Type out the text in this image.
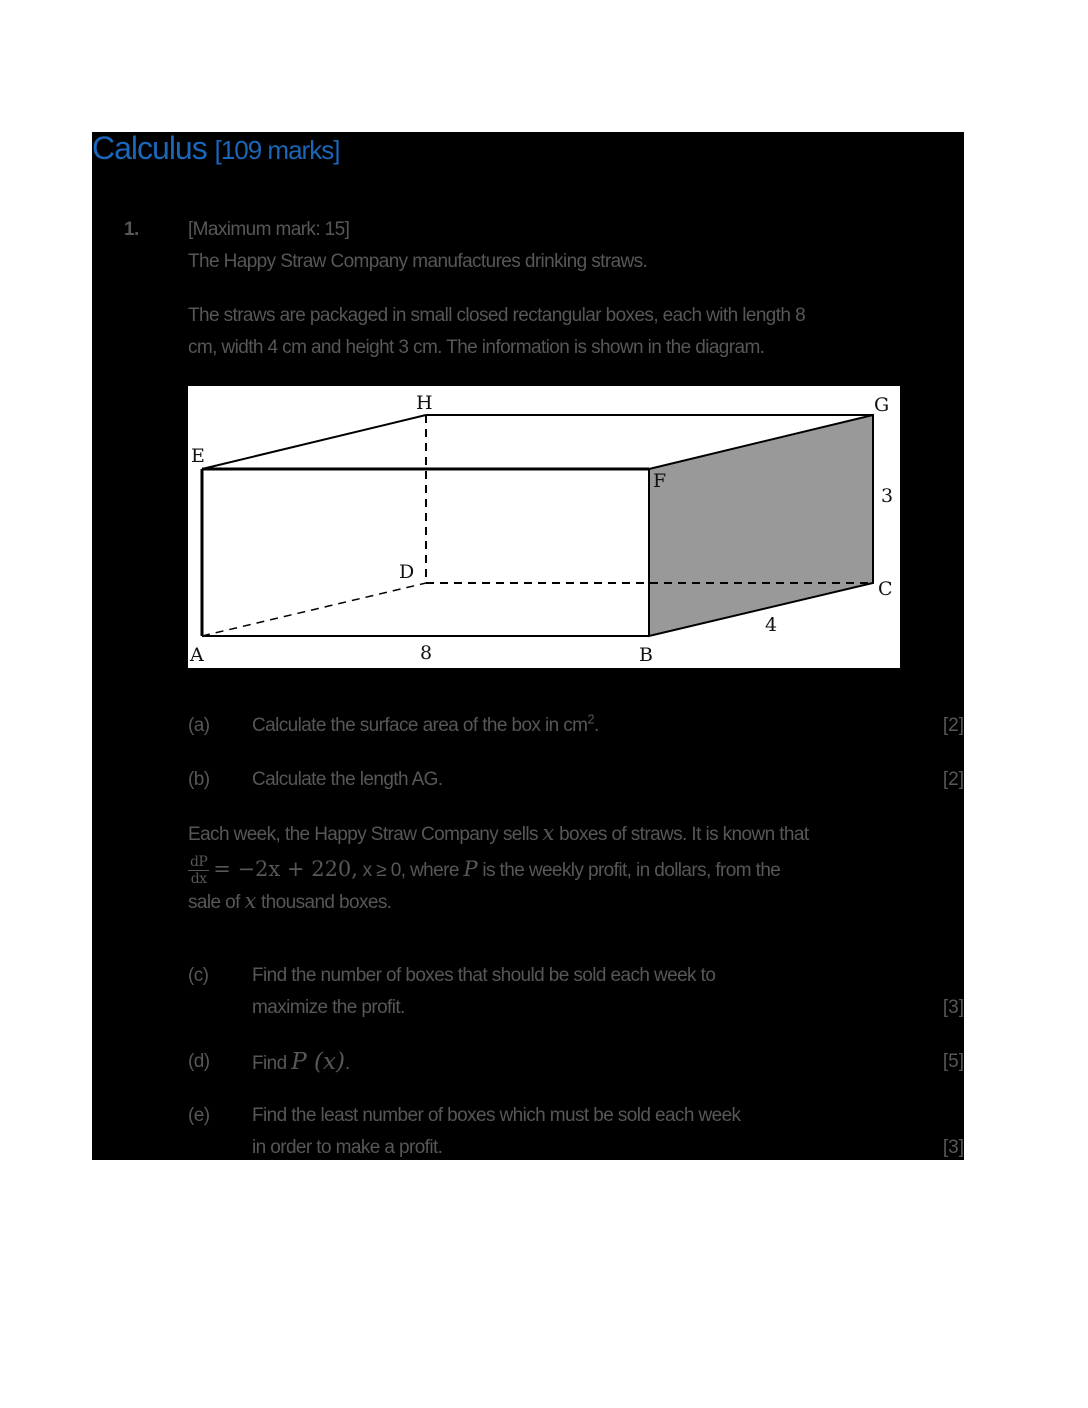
Calculus [109 marks]

1.	[Maximum mark: 15]

The Happy Straw Company manufactures drinking straws.

The straws are packaged in small closed rectangular boxes, each with length 8

cm, width 4 cm and height 3 cm. The information is shown in the diagram.

H	G
E
F
3
D
C
4
A	8	B

(a) Calculate the surface area of the box in $cm^2$.	[2]

(b) Calculate the length AG.	[2]

Each week, the Happy Straw Company sells x boxes of straws. It is known that

$\frac{dP}{dx} = -2x + 220$, x ≥ 0, where P is the weekly profit, in dollars, from the

sale of x thousand boxes.

(c) Find the number of boxes that should be sold each week to

maximize the profit.	[3]

(d) Find P (x).	[5]

(e) Find the least number of boxes which must be sold each week

in order to make a profit.	[3]
